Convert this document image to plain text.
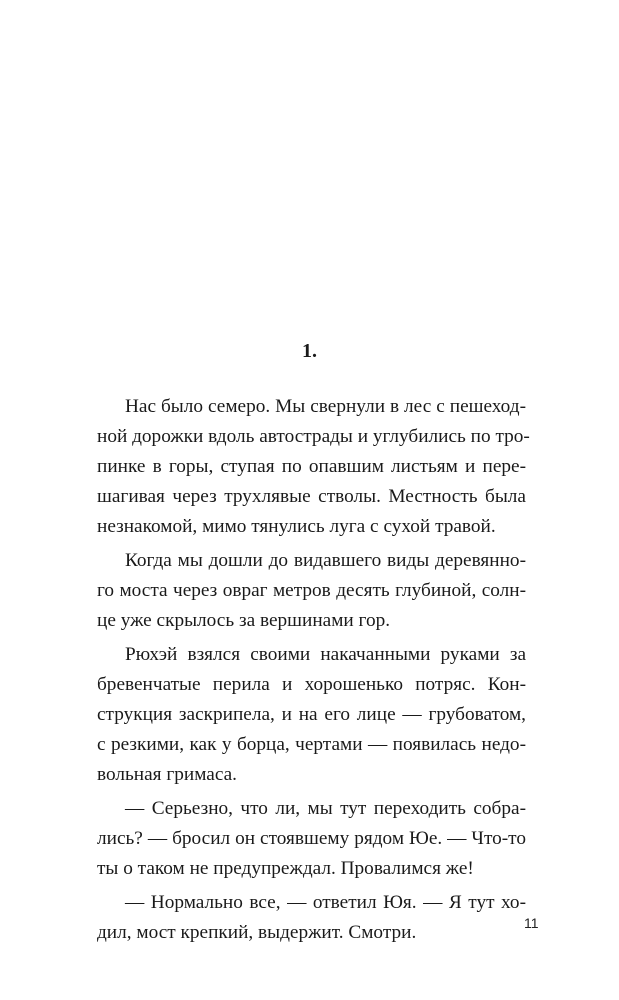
1.
Нас было семеро. Мы свернули в лес с пешеход-
ной дорожки вдоль автострады и углубились по тро-
пинке в горы, ступая по опавшим листьям и пере-
шагивая через трухлявые стволы. Местность была
незнакомой, мимо тянулись луга с сухой травой.
Когда мы дошли до видавшего виды деревянно-
го моста через овраг метров десять глубиной, солн-
це уже скрылось за вершинами гор.
Рюхэй взялся своими накачанными руками за
бревенчатые перила и хорошенько потряс. Кон-
струкция заскрипела, и на его лице — грубоватом,
с резкими, как у борца, чертами — появилась недо-
вольная гримаса.
— Серьезно, что ли, мы тут переходить собра-
лись? — бросил он стоявшему рядом Юе. — Что-то
ты о таком не предупреждал. Провалимся же!
— Нормально все, — ответил Юя. — Я тут хо-
дил, мост крепкий, выдержит. Смотри.	11
